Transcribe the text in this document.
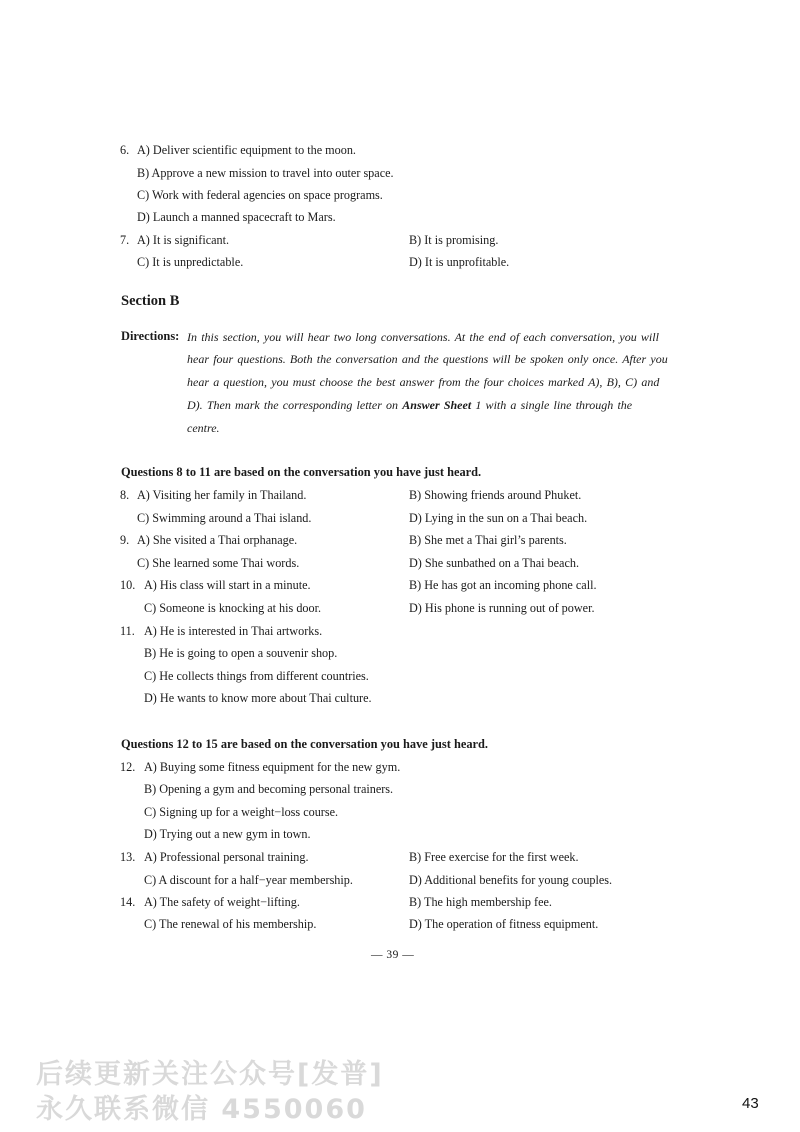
6. A) Deliver scientific equipment to the moon.
B) Approve a new mission to travel into outer space.
C) Work with federal agencies on space programs.
D) Launch a manned spacecraft to Mars.
7. A) It is significant.	B) It is promising.
C) It is unpredictable.	D) It is unprofitable.
Section B
Directions: In this section, you will hear two long conversations. At the end of each conversation, you will
hear four questions. Both the conversation and the questions will be spoken only once. After you
hear a question, you must choose the best answer from the four choices marked A), B), C) and
D). Then mark the corresponding letter on Answer Sheet 1 with a single line through the
centre.
Questions 8 to 11 are based on the conversation you have just heard.
8. A) Visiting her family in Thailand.	B) Showing friends around Phuket.
C) Swimming around a Thai island.	D) Lying in the sun on a Thai beach.
9. A) She visited a Thai orphanage.	B) She met a Thai girl’s parents.
C) She learned some Thai words.	D) She sunbathed on a Thai beach.
10. A) His class will start in a minute.	B) He has got an incoming phone call.
C) Someone is knocking at his door.	D) His phone is running out of power.
11. A) He is interested in Thai artworks.
B) He is going to open a souvenir shop.
C) He collects things from different countries.
D) He wants to know more about Thai culture.
Questions 12 to 15 are based on the conversation you have just heard.
12. A) Buying some fitness equipment for the new gym.
B) Opening a gym and becoming personal trainers.
C) Signing up for a weight−loss course.
D) Trying out a new gym in town.
13. A) Professional personal training.	B) Free exercise for the first week.
C) A discount for a half−year membership.	D) Additional benefits for young couples.
14. A) The safety of weight−lifting.	B) The high membership fee.
C) The renewal of his membership.	D) The operation of fitness equipment.
— 39 —
后续更新关注公众号[发普]
永久联系微信 4550060	43
